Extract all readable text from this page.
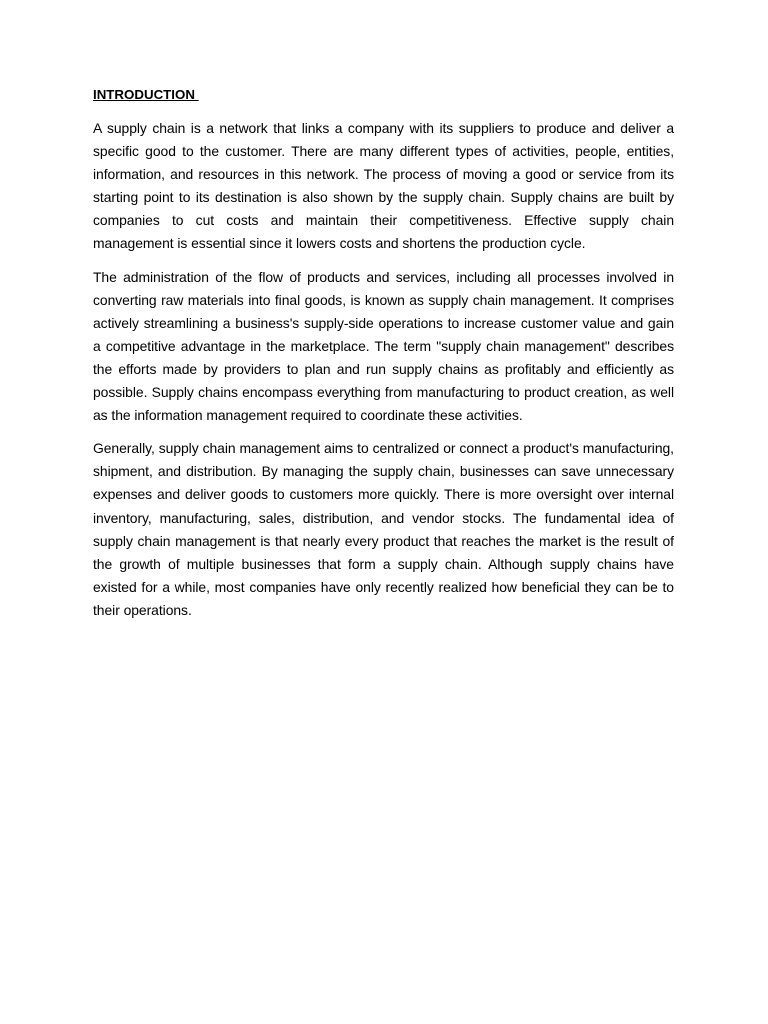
INTRODUCTION

A supply chain is a network that links a company with its suppliers to produce and deliver a specific good to the customer. There are many different types of activities, people, entities, information, and resources in this network. The process of moving a good or service from its starting point to its destination is also shown by the supply chain. Supply chains are built by companies to cut costs and maintain their competitiveness. Effective supply chain management is essential since it lowers costs and shortens the production cycle.

The administration of the flow of products and services, including all processes involved in converting raw materials into final goods, is known as supply chain management. It comprises actively streamlining a business's supply-side operations to increase customer value and gain a competitive advantage in the marketplace. The term "supply chain management" describes the efforts made by providers to plan and run supply chains as profitably and efficiently as possible. Supply chains encompass everything from manufacturing to product creation, as well as the information management required to coordinate these activities.

Generally, supply chain management aims to centralized or connect a product's manufacturing, shipment, and distribution. By managing the supply chain, businesses can save unnecessary expenses and deliver goods to customers more quickly. There is more oversight over internal inventory, manufacturing, sales, distribution, and vendor stocks. The fundamental idea of supply chain management is that nearly every product that reaches the market is the result of the growth of multiple businesses that form a supply chain. Although supply chains have existed for a while, most companies have only recently realized how beneficial they can be to their operations.
